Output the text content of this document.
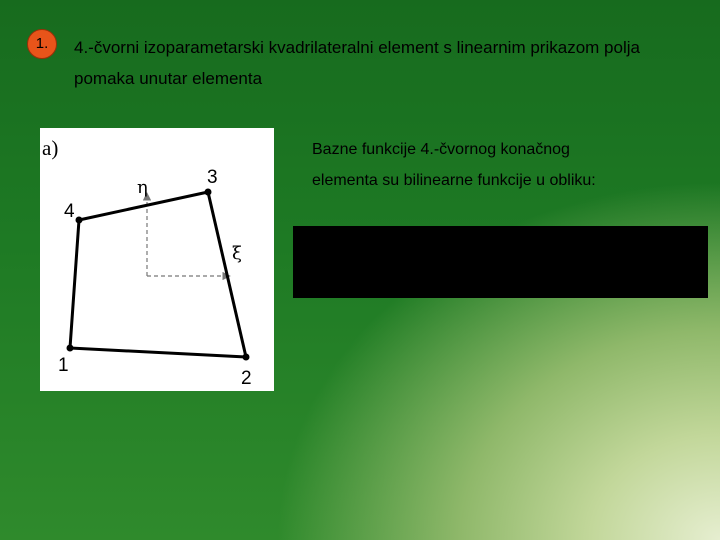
1.	4.-čvorni izoparametarski kvadrilateralni element s linearnim prikazom polja
pomaka unutar elementa
a)
1
2
3
4
η
ξ
Bazne funkcije 4.-čvornog konačnog
elementa su bilinearne funkcije u obliku:
